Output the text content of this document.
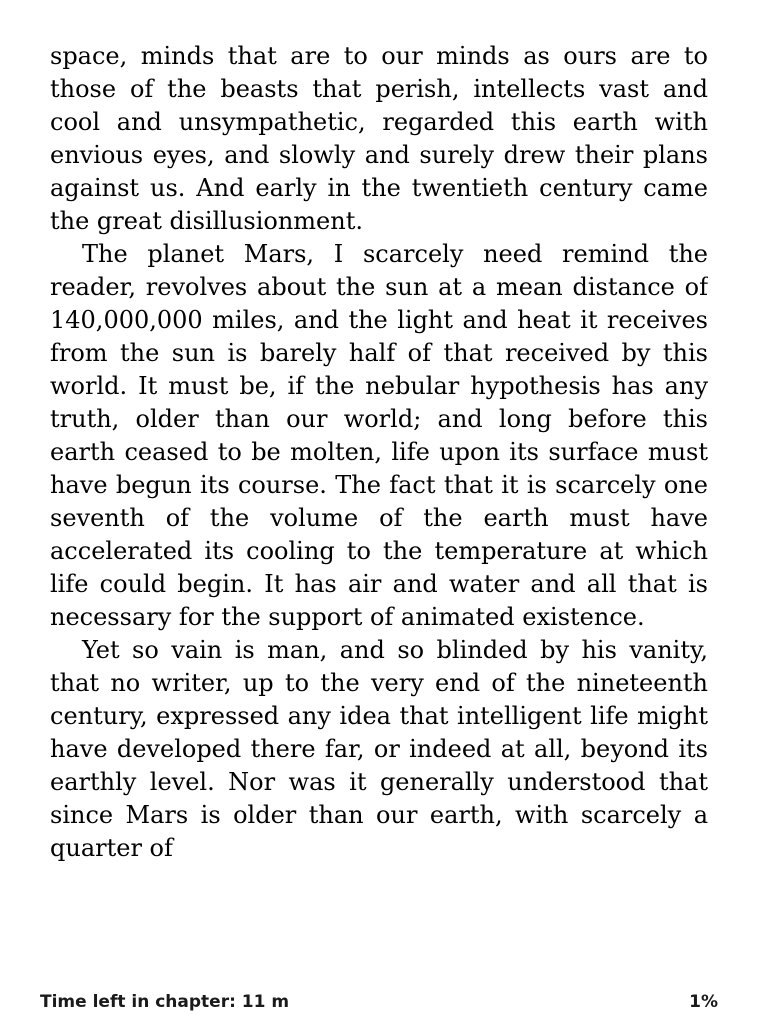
space, minds that are to our minds as ours are to those of the beasts that perish, intellects vast and cool and unsympathetic, regarded this earth with envious eyes, and slowly and surely drew their plans against us. And early in the twentieth century came the great disillusionment.

The planet Mars, I scarcely need remind the reader, revolves about the sun at a mean distance of 140,000,000 miles, and the light and heat it receives from the sun is barely half of that received by this world. It must be, if the nebular hypothesis has any truth, older than our world; and long before this earth ceased to be molten, life upon its surface must have begun its course. The fact that it is scarcely one seventh of the volume of the earth must have accelerated its cooling to the temperature at which life could begin. It has air and water and all that is necessary for the support of animated existence.

Yet so vain is man, and so blinded by his vanity, that no writer, up to the very end of the nineteenth century, expressed any idea that intelligent life might have developed there far, or indeed at all, beyond its earthly level. Nor was it generally understood that since Mars is older than our earth, with scarcely a quarter of

Time left in chapter: 11 m	1%
